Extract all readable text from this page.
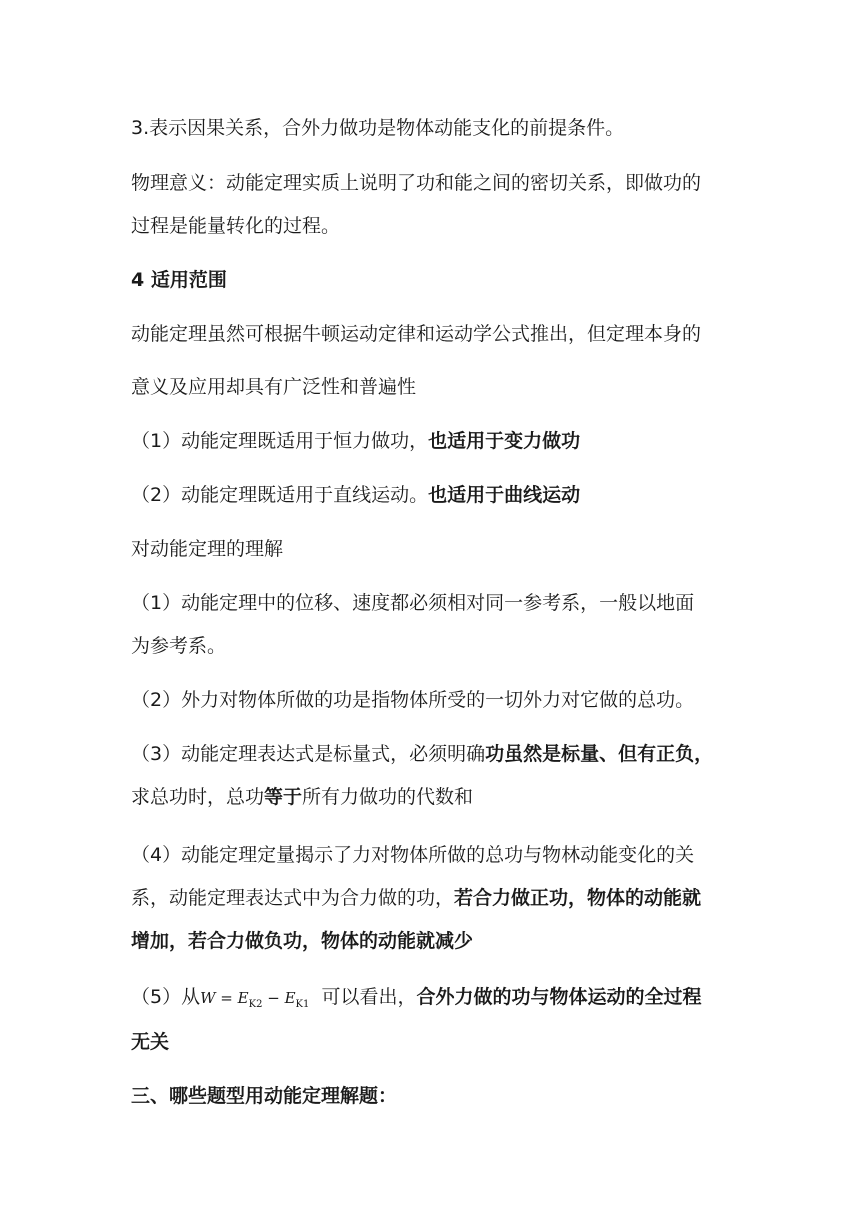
3.表示因果关系，合外力做功是物体动能支化的前提条件。
物理意义：动能定理实质上说明了功和能之间的密切关系，即做功的
过程是能量转化的过程。
4 适用范围
动能定理虽然可根据牛顿运动定律和运动学公式推出，但定理本身的
意义及应用却具有广泛性和普遍性
（1）动能定理既适用于恒力做功，也适用于变力做功
（2）动能定理既适用于直线运动。也适用于曲线运动
对动能定理的理解
（1）动能定理中的位移、速度都必须相对同一参考系，一般以地面
为参考系。
（2）外力对物体所做的功是指物体所受的一切外力对它做的总功。
（3）动能定理表达式是标量式，必须明确功虽然是标量、但有正负，
求总功时，总功等于所有力做功的代数和
（4）动能定理定量揭示了力对物体所做的总功与物林动能变化的关
系，动能定理表达式中为合力做的功，若合力做正功，物体的动能就
增加，若合力做负功，物体的动能就减少
（5）从$W = E_{K2} - E_{K1}$ 可以看出，合外力做的功与物体运动的全过程
无关
三、哪些题型用动能定理解题：
